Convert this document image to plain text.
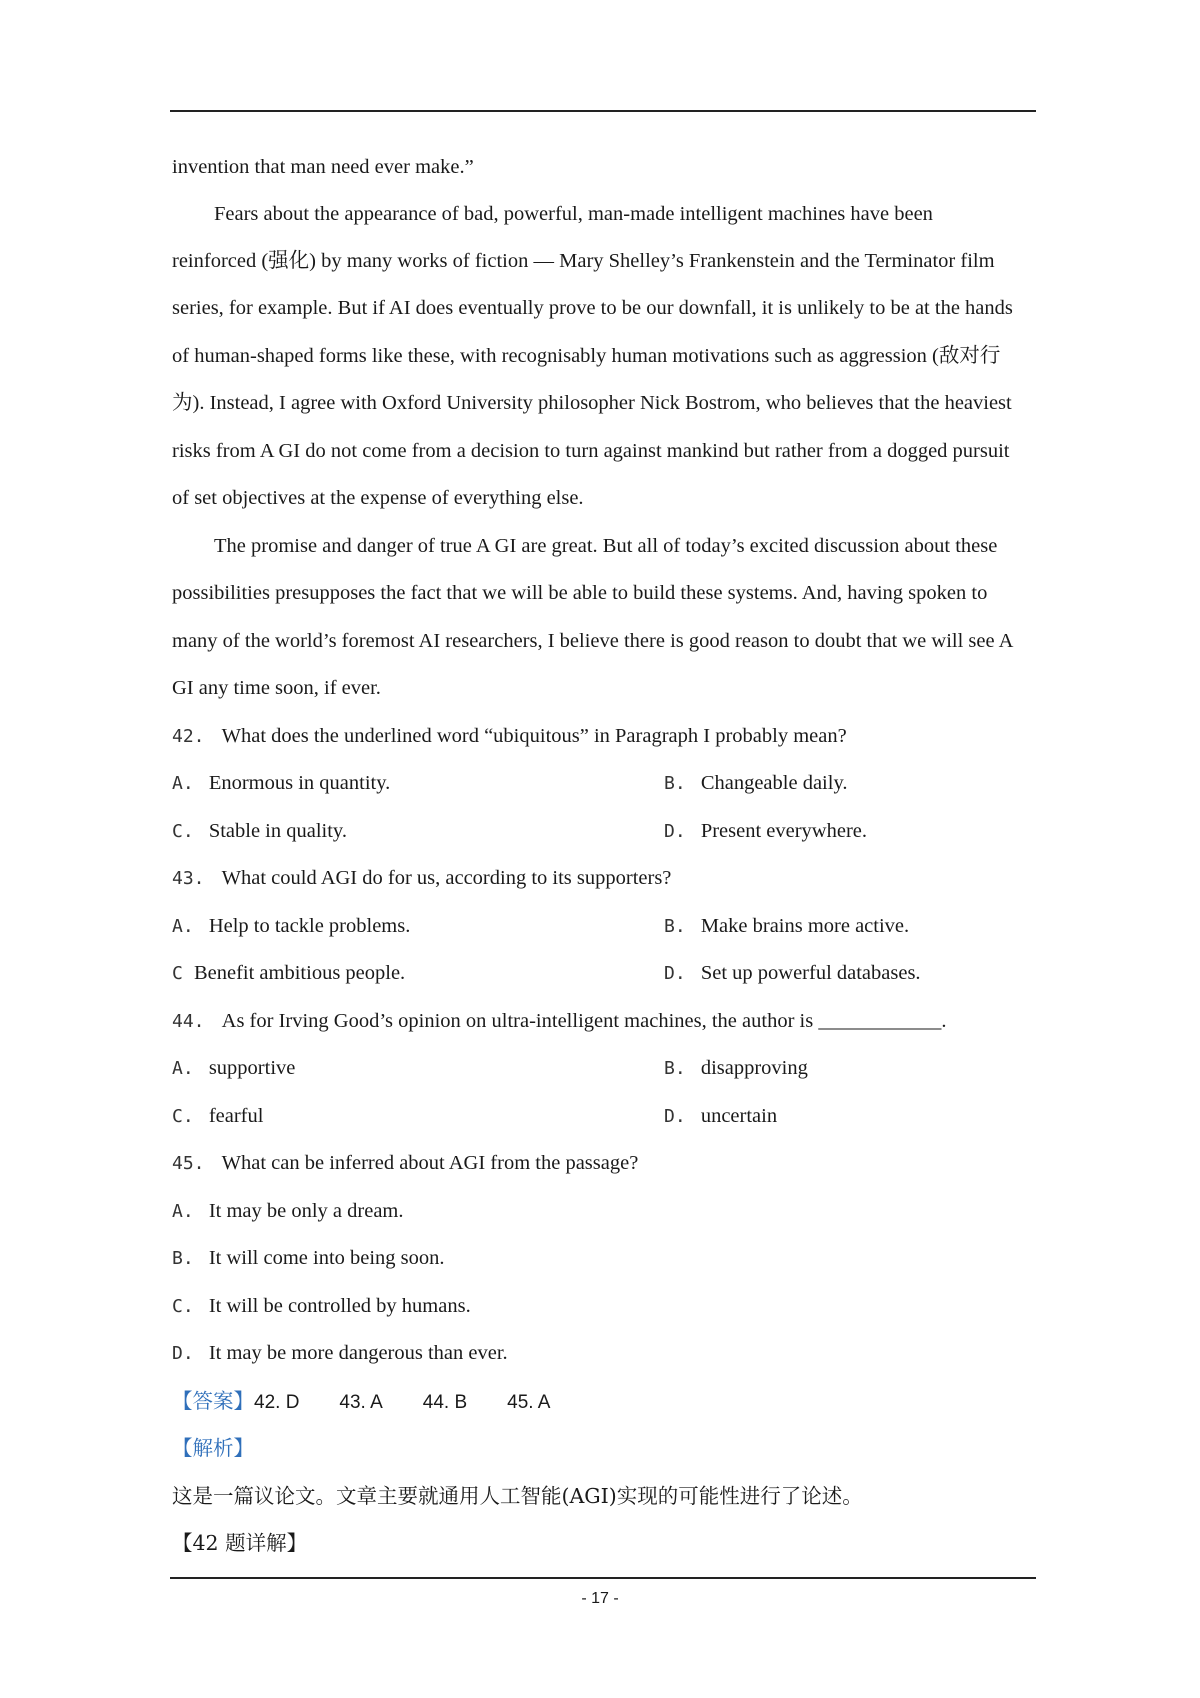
invention that man need ever make.”
Fears about the appearance of bad, powerful, man-made intelligent machines have been
reinforced (强化) by many works of fiction — Mary Shelley’s Frankenstein and the Terminator film
series, for example. But if AI does eventually prove to be our downfall, it is unlikely to be at the hands
of human-shaped forms like these, with recognisably human motivations such as aggression (敌对行
为). Instead, I agree with Oxford University philosopher Nick Bostrom, who believes that the heaviest
risks from A GI do not come from a decision to turn against mankind but rather from a dogged pursuit
of set objectives at the expense of everything else.
The promise and danger of true A GI are great. But all of today’s excited discussion about these
possibilities presupposes the fact that we will be able to build these systems. And, having spoken to
many of the world’s foremost AI researchers, I believe there is good reason to doubt that we will see A
GI any time soon, if ever.
42. What does the underlined word “ubiquitous” in Paragraph I probably mean?
A. Enormous in quantity.	B. Changeable daily.
C. Stable in quality.	D. Present everywhere.
43. What could AGI do for us, according to its supporters?
A. Help to tackle problems.	B. Make brains more active.
C Benefit ambitious people.	D. Set up powerful databases.
44. As for Irving Good’s opinion on ultra-intelligent machines, the author is ____________.
A. supportive	B. disapproving
C. fearful	D. uncertain
45. What can be inferred about AGI from the passage?
A. It may be only a dream.
B. It will come into being soon.
C. It will be controlled by humans.
D. It may be more dangerous than ever.
【答案】42. D 43. A 44. B 45. A
【解析】
这是一篇议论文。文章主要就通用人工智能(AGI)实现的可能性进行了论述。
【42 题详解】
- 17 -
